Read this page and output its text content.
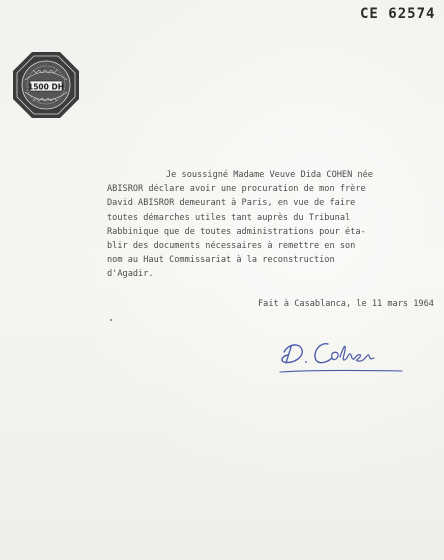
CE 62574
1500 DH
Je soussigné Madame Veuve Dida COHEN née
ABISROR déclare avoir une procuration de mon frère
David ABISROR demeurant à Paris, en vue de faire
toutes démarches utiles tant auprès du Tribunal
Rabbinique que de toutes administrations pour éta-
blir des documents nécessaires à remettre en son
nom au Haut Commissariat à la reconstruction
d'Agadir.
Fait à Casablanca, le 11 mars 1964
